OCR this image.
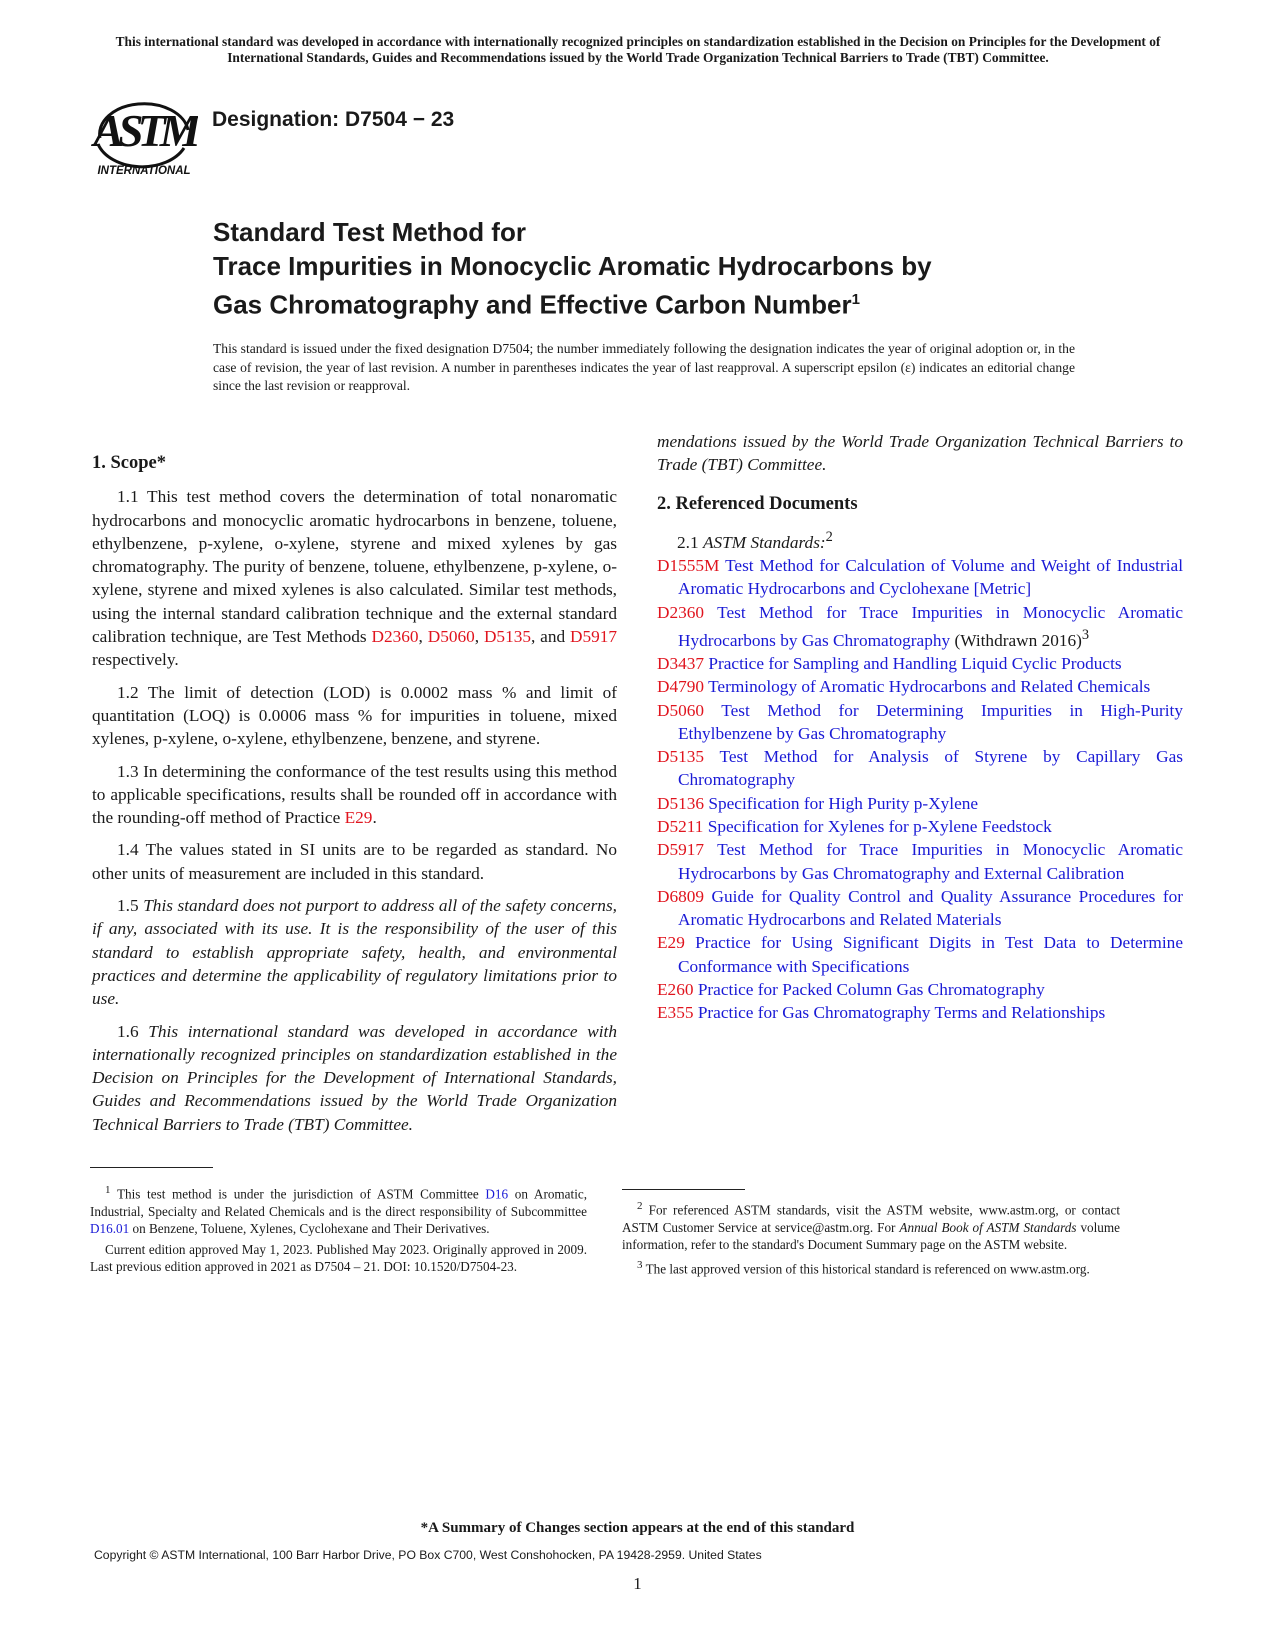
This international standard was developed in accordance with internationally recognized principles on standardization established in the Decision on Principles for the Development of International Standards, Guides and Recommendations issued by the World Trade Organization Technical Barriers to Trade (TBT) Committee.
ASTM
INTERNATIONAL
Designation: D7504 − 23
Standard Test Method for
Trace Impurities in Monocyclic Aromatic Hydrocarbons by
Gas Chromatography and Effective Carbon Number$^1$
This standard is issued under the fixed designation D7504; the number immediately following the designation indicates the year of original adoption or, in the case of revision, the year of last revision. A number in parentheses indicates the year of last reapproval. A superscript epsilon (ε) indicates an editorial change since the last revision or reapproval.
1. Scope*

1.1 This test method covers the determination of total nonaromatic hydrocarbons and monocyclic aromatic hydrocarbons in benzene, toluene, ethylbenzene, p-xylene, o-xylene, styrene and mixed xylenes by gas chromatography. The purity of benzene, toluene, ethylbenzene, p-xylene, o-xylene, styrene and mixed xylenes is also calculated. Similar test methods, using the internal standard calibration technique and the external standard calibration technique, are Test Methods D2360, D5060, D5135, and D5917 respectively.

1.2 The limit of detection (LOD) is 0.0002 mass % and limit of quantitation (LOQ) is 0.0006 mass % for impurities in toluene, mixed xylenes, p-xylene, o-xylene, ethylbenzene, benzene, and styrene.

1.3 In determining the conformance of the test results using this method to applicable specifications, results shall be rounded off in accordance with the rounding-off method of Practice E29.

1.4 The values stated in SI units are to be regarded as standard. No other units of measurement are included in this standard.

1.5 This standard does not purport to address all of the safety concerns, if any, associated with its use. It is the responsibility of the user of this standard to establish appropriate safety, health, and environmental practices and determine the applicability of regulatory limitations prior to use.

1.6 This international standard was developed in accordance with internationally recognized principles on standardization established in the Decision on Principles for the Development of International Standards, Guides and Recommendations issued by the World Trade Organization Technical Barriers to Trade (TBT) Committee.

$^1$ This test method is under the jurisdiction of ASTM Committee D16 on Aromatic, Industrial, Specialty and Related Chemicals and is the direct responsibility of Subcommittee D16.01 on Benzene, Toluene, Xylenes, Cyclohexane and Their Derivatives.

Current edition approved May 1, 2023. Published May 2023. Originally approved in 2009. Last previous edition approved in 2021 as D7504 – 21. DOI: 10.1520/D7504-23.

mendations issued by the World Trade Organization Technical Barriers to Trade (TBT) Committee.

2. Referenced Documents

2.1 ASTM Standards:$^2$

D1555M Test Method for Calculation of Volume and Weight of Industrial Aromatic Hydrocarbons and Cyclohexane [Metric]

D2360 Test Method for Trace Impurities in Monocyclic Aromatic Hydrocarbons by Gas Chromatography (Withdrawn 2016)$^3$

D3437 Practice for Sampling and Handling Liquid Cyclic Products

D4790 Terminology of Aromatic Hydrocarbons and Related Chemicals

D5060 Test Method for Determining Impurities in High-Purity Ethylbenzene by Gas Chromatography

D5135 Test Method for Analysis of Styrene by Capillary Gas Chromatography

D5136 Specification for High Purity p-Xylene

D5211 Specification for Xylenes for p-Xylene Feedstock

D5917 Test Method for Trace Impurities in Monocyclic Aromatic Hydrocarbons by Gas Chromatography and External Calibration

D6809 Guide for Quality Control and Quality Assurance Procedures for Aromatic Hydrocarbons and Related Materials

E29 Practice for Using Significant Digits in Test Data to Determine Conformance with Specifications

E260 Practice for Packed Column Gas Chromatography

E355 Practice for Gas Chromatography Terms and Relationships

$^2$ For referenced ASTM standards, visit the ASTM website, www.astm.org, or contact ASTM Customer Service at service@astm.org. For Annual Book of ASTM Standards volume information, refer to the standard's Document Summary page on the ASTM website.

$^3$ The last approved version of this historical standard is referenced on www.astm.org.

*A Summary of Changes section appears at the end of this standard
Copyright © ASTM International, 100 Barr Harbor Drive, PO Box C700, West Conshohocken, PA 19428-2959. United States
1
